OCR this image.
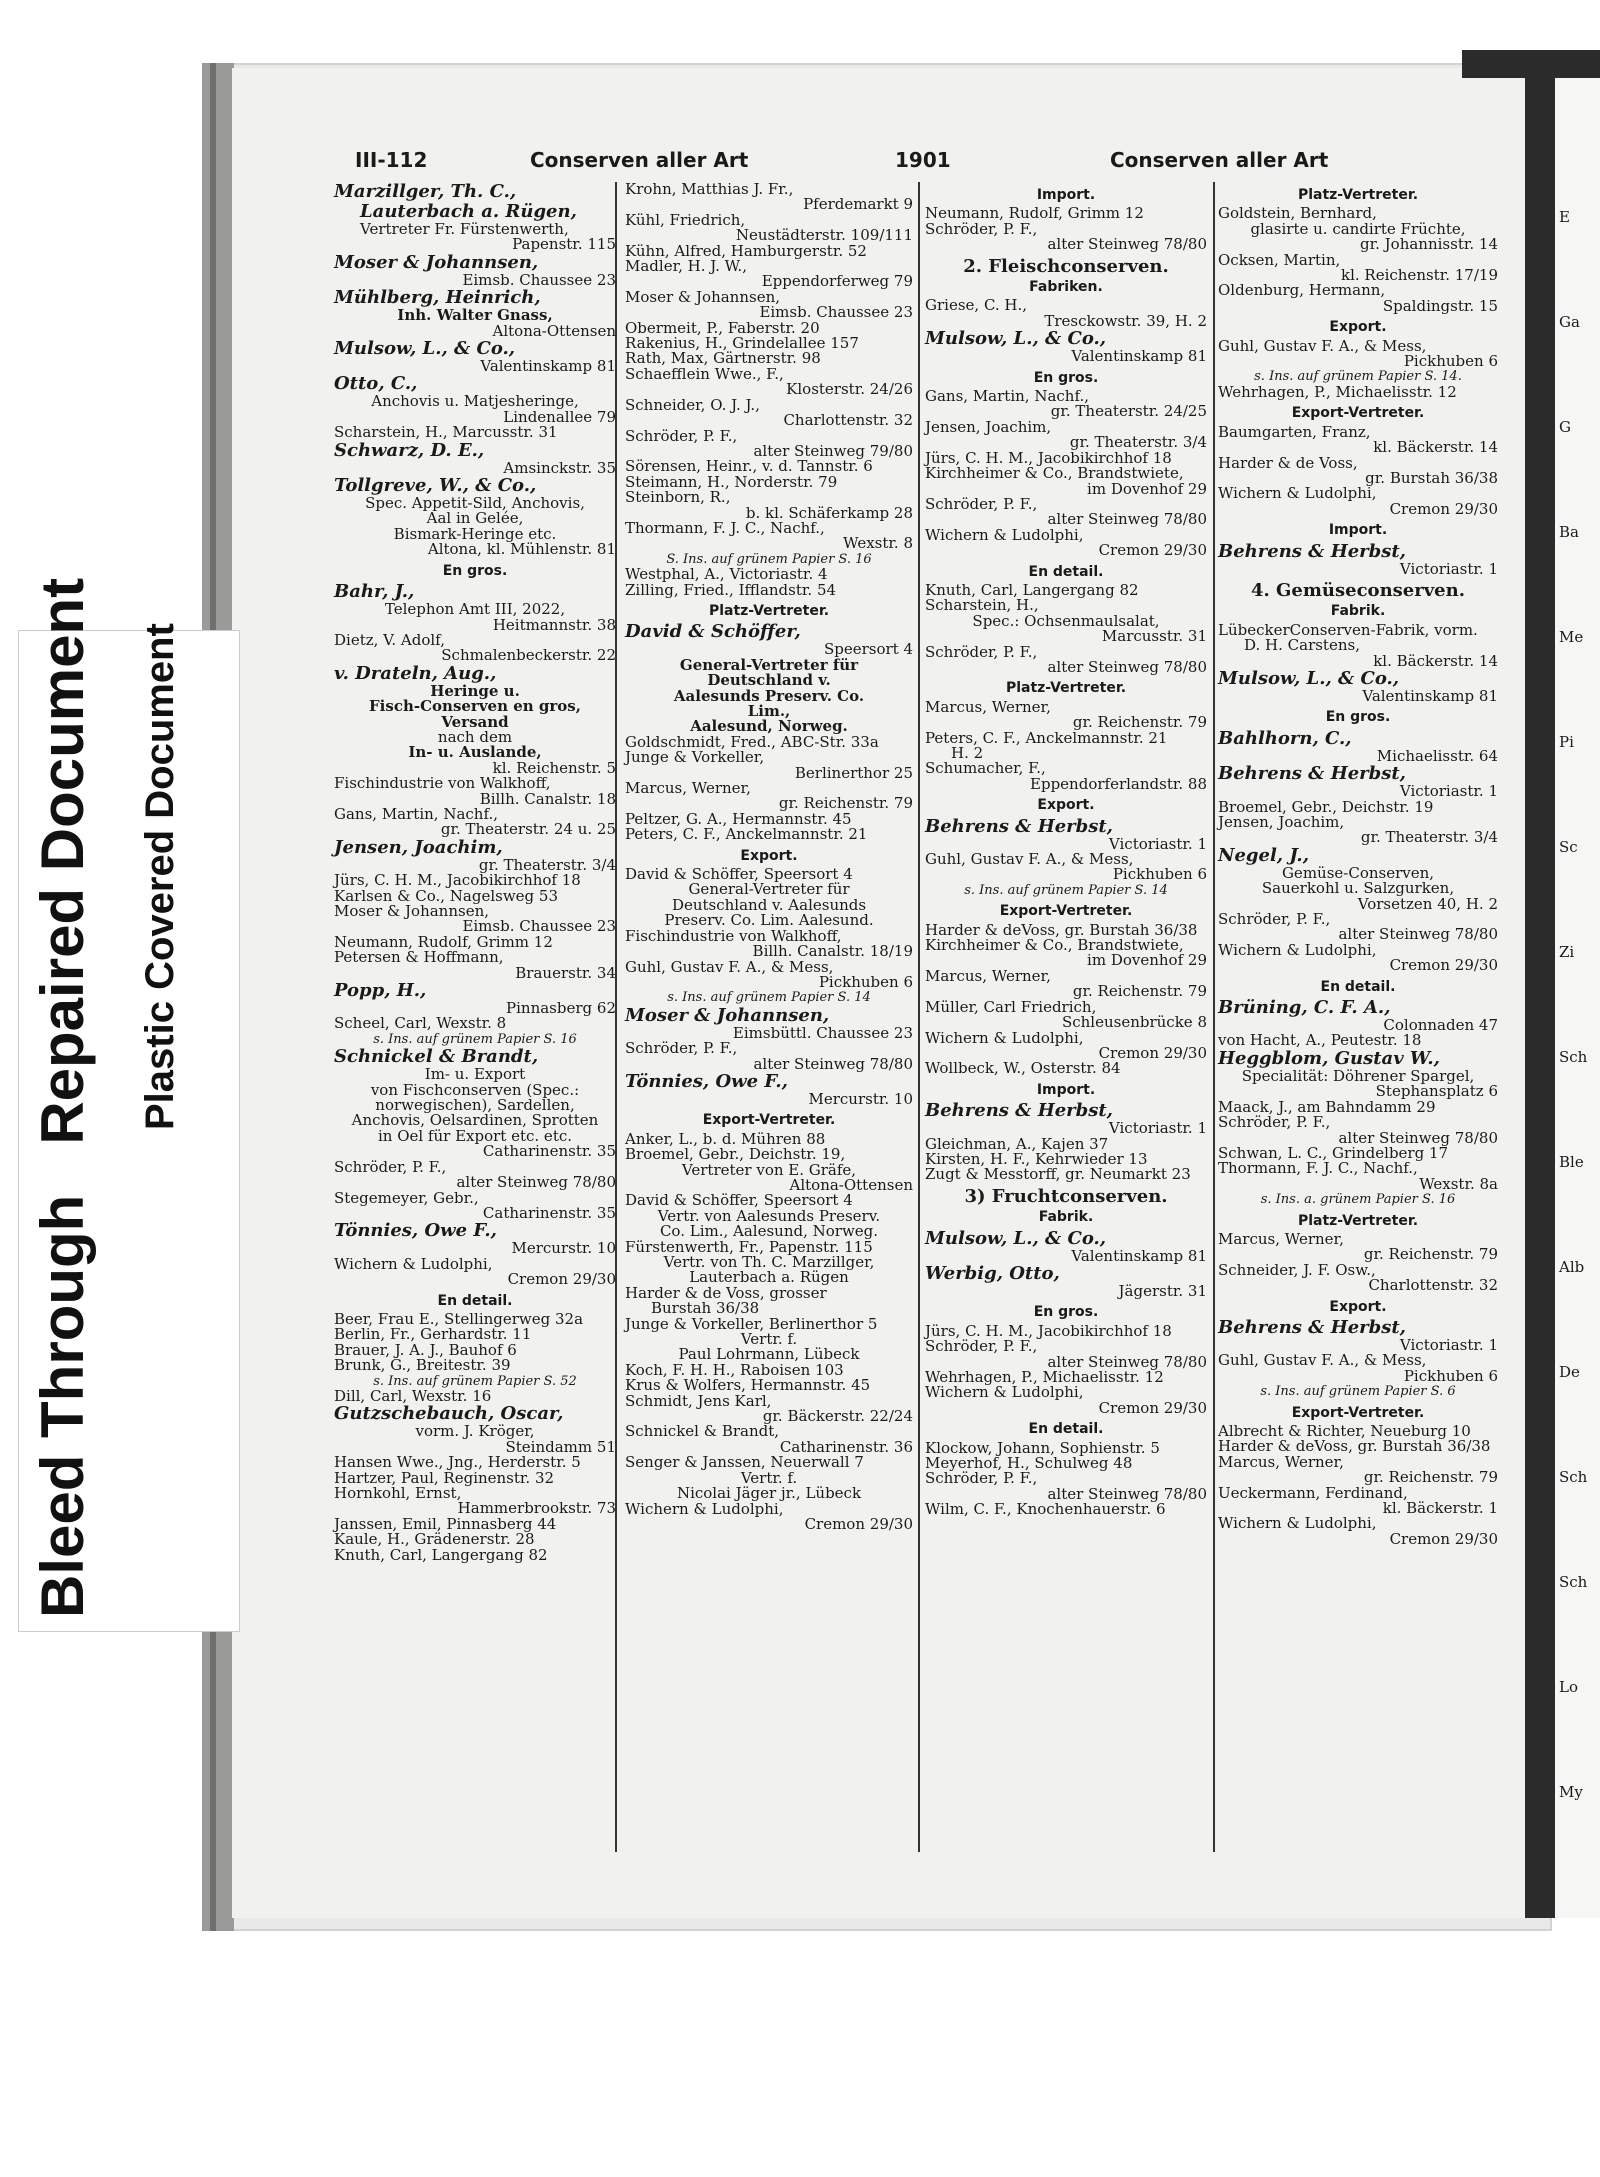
E
Ga
G
Ba
Me
Pi
Sc
Zi
Sch
Ble
Alb
De
Sch
Sch
Lo
My
Bleed Through   Repaired Document Plastic Covered Document
III-112	Conserven aller Art	1901	Conserven aller Art
Marzillger, Th. C.,
Lauterbach a. Rügen,
Vertreter Fr. Fürstenwerth,
Papenstr. 115
Moser & Johannsen,
Eimsb. Chaussee 23
Mühlberg, Heinrich,
Inh. Walter Gnass,
Altona-Ottensen
Mulsow, L., & Co.,
Valentinskamp 81
Otto, C.,
Anchovis u. Matjesheringe,
Lindenallee 79
Scharstein, H., Marcusstr. 31
Schwarz, D. E.,
Amsinckstr. 35
Tollgreve, W., & Co.,
Spec. Appetit-Sild, Anchovis,
Aal in Gelée,
Bismark-Heringe etc.
Altona, kl. Mühlenstr. 81
En gros.
Bahr, J.,
Telephon Amt III, 2022,
Heitmannstr. 38
Dietz, V. Adolf,
Schmalenbeckerstr. 22
v. Drateln, Aug.,
Heringe u.
Fisch-Conserven en gros,
Versand
nach dem
In- u. Auslande,
kl. Reichenstr. 5
Fischindustrie von Walkhoff,
Billh. Canalstr. 18
Gans, Martin, Nachf.,
gr. Theaterstr. 24 u. 25
Jensen, Joachim,
gr. Theaterstr. 3/4
Jürs, C. H. M., Jacobikirchhof 18
Karlsen & Co., Nagelsweg 53
Moser & Johannsen,
Eimsb. Chaussee 23
Neumann, Rudolf, Grimm 12
Petersen & Hoffmann,
Brauerstr. 34
Popp, H.,
Pinnasberg 62
Scheel, Carl, Wexstr. 8
s. Ins. auf grünem Papier S. 16
Schnickel & Brandt,
Im- u. Export
von Fischconserven (Spec.:
norwegischen), Sardellen,
Anchovis, Oelsardinen, Sprotten
in Oel für Export etc. etc.
Catharinenstr. 35
Schröder, P. F.,
alter Steinweg 78/80
Stegemeyer, Gebr.,
Catharinenstr. 35
Tönnies, Owe F.,
Mercurstr. 10
Wichern & Ludolphi,
Cremon 29/30
En detail.
Beer, Frau E., Stellingerweg 32a
Berlin, Fr., Gerhardstr. 11
Brauer, J. A. J., Bauhof 6
Brunk, G., Breitestr. 39
s. Ins. auf grünem Papier S. 52
Dill, Carl, Wexstr. 16
Gutzschebauch, Oscar,
vorm. J. Kröger,
Steindamm 51
Hansen Wwe., Jng., Herderstr. 5
Hartzer, Paul, Reginenstr. 32
Hornkohl, Ernst,
Hammerbrookstr. 73
Janssen, Emil, Pinnasberg 44
Kaule, H., Grädenerstr. 28
Knuth, Carl, Langergang 82
Krohn, Matthias J. Fr.,
Pferdemarkt 9
Kühl, Friedrich,
Neustädterstr. 109/111
Kühn, Alfred, Hamburgerstr. 52
Madler, H. J. W.,
Eppendorferweg 79
Moser & Johannsen,
Eimsb. Chaussee 23
Obermeit, P., Faberstr. 20
Rakenius, H., Grindelallee 157
Rath, Max, Gärtnerstr. 98
Schaefflein Wwe., F.,
Klosterstr. 24/26
Schneider, O. J. J.,
Charlottenstr. 32
Schröder, P. F.,
alter Steinweg 79/80
Sörensen, Heinr., v. d. Tannstr. 6
Steimann, H., Norderstr. 79
Steinborn, R.,
b. kl. Schäferkamp 28
Thormann, F. J. C., Nachf.,
Wexstr. 8
S. Ins. auf grünem Papier S. 16
Westphal, A., Victoriastr. 4
Zilling, Fried., Ifflandstr. 54
Platz-Vertreter.
David & Schöffer,
Speersort 4
General-Vertreter für
Deutschland v.
Aalesunds Preserv. Co.
Lim.,
Aalesund, Norweg.
Goldschmidt, Fred., ABC-Str. 33a
Junge & Vorkeller,
Berlinerthor 25
Marcus, Werner,
gr. Reichenstr. 79
Peltzer, G. A., Hermannstr. 45
Peters, C. F., Anckelmannstr. 21
Export.
David & Schöffer, Speersort 4
General-Vertreter für
Deutschland v. Aalesunds
Preserv. Co. Lim. Aalesund.
Fischindustrie von Walkhoff,
Billh. Canalstr. 18/19
Guhl, Gustav F. A., & Mess,
Pickhuben 6
s. Ins. auf grünem Papier S. 14
Moser & Johannsen,
Eimsbüttl. Chaussee 23
Schröder, P. F.,
alter Steinweg 78/80
Tönnies, Owe F.,
Mercurstr. 10
Export-Vertreter.
Anker, L., b. d. Mühren 88
Broemel, Gebr., Deichstr. 19,
Vertreter von E. Gräfe,
Altona-Ottensen
David & Schöffer, Speersort 4
Vertr. von Aalesunds Preserv.
Co. Lim., Aalesund, Norweg.
Fürstenwerth, Fr., Papenstr. 115
Vertr. von Th. C. Marzillger,
Lauterbach a. Rügen
Harder & de Voss, grosser
Burstah 36/38
Junge & Vorkeller, Berlinerthor 5
Vertr. f.
Paul Lohrmann, Lübeck
Koch, F. H. H., Raboisen 103
Krus & Wolfers, Hermannstr. 45
Schmidt, Jens Karl,
gr. Bäckerstr. 22/24
Schnickel & Brandt,
Catharinenstr. 36
Senger & Janssen, Neuerwall 7
Vertr. f.
Nicolai Jäger jr., Lübeck
Wichern & Ludolphi,
Cremon 29/30
Import.
Neumann, Rudolf, Grimm 12
Schröder, P. F.,
alter Steinweg 78/80
2. Fleischconserven.
Fabriken.
Griese, C. H.,
Tresckowstr. 39, H. 2
Mulsow, L., & Co.,
Valentinskamp 81
En gros.
Gans, Martin, Nachf.,
gr. Theaterstr. 24/25
Jensen, Joachim,
gr. Theaterstr. 3/4
Jürs, C. H. M., Jacobikirchhof 18
Kirchheimer & Co., Brandstwiete,
im Dovenhof 29
Schröder, P. F.,
alter Steinweg 78/80
Wichern & Ludolphi,
Cremon 29/30
En detail.
Knuth, Carl, Langergang 82
Scharstein, H.,
Spec.: Ochsenmaulsalat,
Marcusstr. 31
Schröder, P. F.,
alter Steinweg 78/80
Platz-Vertreter.
Marcus, Werner,
gr. Reichenstr. 79
Peters, C. F., Anckelmannstr. 21
H. 2
Schumacher, F.,
Eppendorferlandstr. 88
Export.
Behrens & Herbst,
Victoriastr. 1
Guhl, Gustav F. A., & Mess,
Pickhuben 6
s. Ins. auf grünem Papier S. 14
Export-Vertreter.
Harder & deVoss, gr. Burstah 36/38
Kirchheimer & Co., Brandstwiete,
im Dovenhof 29
Marcus, Werner,
gr. Reichenstr. 79
Müller, Carl Friedrich,
Schleusenbrücke 8
Wichern & Ludolphi,
Cremon 29/30
Wollbeck, W., Osterstr. 84
Import.
Behrens & Herbst,
Victoriastr. 1
Gleichman, A., Kajen 37
Kirsten, H. F., Kehrwieder 13
Zugt & Messtorff, gr. Neumarkt 23
3) Fruchtconserven.
Fabrik.
Mulsow, L., & Co.,
Valentinskamp 81
Werbig, Otto,
Jägerstr. 31
En gros.
Jürs, C. H. M., Jacobikirchhof 18
Schröder, P. F.,
alter Steinweg 78/80
Wehrhagen, P., Michaelisstr. 12
Wichern & Ludolphi,
Cremon 29/30
En detail.
Klockow, Johann, Sophienstr. 5
Meyerhof, H., Schulweg 48
Schröder, P. F.,
alter Steinweg 78/80
Wilm, C. F., Knochenhauerstr. 6
Platz-Vertreter.
Goldstein, Bernhard,
glasirte u. candirte Früchte,
gr. Johannisstr. 14
Ocksen, Martin,
kl. Reichenstr. 17/19
Oldenburg, Hermann,
Spaldingstr. 15
Export.
Guhl, Gustav F. A., & Mess,
Pickhuben 6
s. Ins. auf grünem Papier S. 14.
Wehrhagen, P., Michaelisstr. 12
Export-Vertreter.
Baumgarten, Franz,
kl. Bäckerstr. 14
Harder & de Voss,
gr. Burstah 36/38
Wichern & Ludolphi,
Cremon 29/30
Import.
Behrens & Herbst,
Victoriastr. 1
4. Gemüseconserven.
Fabrik.
LübeckerConserven-Fabrik, vorm.
D. H. Carstens,
kl. Bäckerstr. 14
Mulsow, L., & Co.,
Valentinskamp 81
En gros.
Bahlhorn, C.,
Michaelisstr. 64
Behrens & Herbst,
Victoriastr. 1
Broemel, Gebr., Deichstr. 19
Jensen, Joachim,
gr. Theaterstr. 3/4
Negel, J.,
Gemüse-Conserven,
Sauerkohl u. Salzgurken,
Vorsetzen 40, H. 2
Schröder, P. F.,
alter Steinweg 78/80
Wichern & Ludolphi,
Cremon 29/30
En detail.
Brüning, C. F. A.,
Colonnaden 47
von Hacht, A., Peutestr. 18
Heggblom, Gustav W.,
Specialität: Döhrener Spargel,
Stephansplatz 6
Maack, J., am Bahndamm 29
Schröder, P. F.,
alter Steinweg 78/80
Schwan, L. C., Grindelberg 17
Thormann, F. J. C., Nachf.,
Wexstr. 8a
s. Ins. a. grünem Papier S. 16
Platz-Vertreter.
Marcus, Werner,
gr. Reichenstr. 79
Schneider, J. F. Osw.,
Charlottenstr. 32
Export.
Behrens & Herbst,
Victoriastr. 1
Guhl, Gustav F. A., & Mess,
Pickhuben 6
s. Ins. auf grünem Papier S. 6
Export-Vertreter.
Albrecht & Richter, Neueburg 10
Harder & deVoss, gr. Burstah 36/38
Marcus, Werner,
gr. Reichenstr. 79
Ueckermann, Ferdinand,
kl. Bäckerstr. 1
Wichern & Ludolphi,
Cremon 29/30
